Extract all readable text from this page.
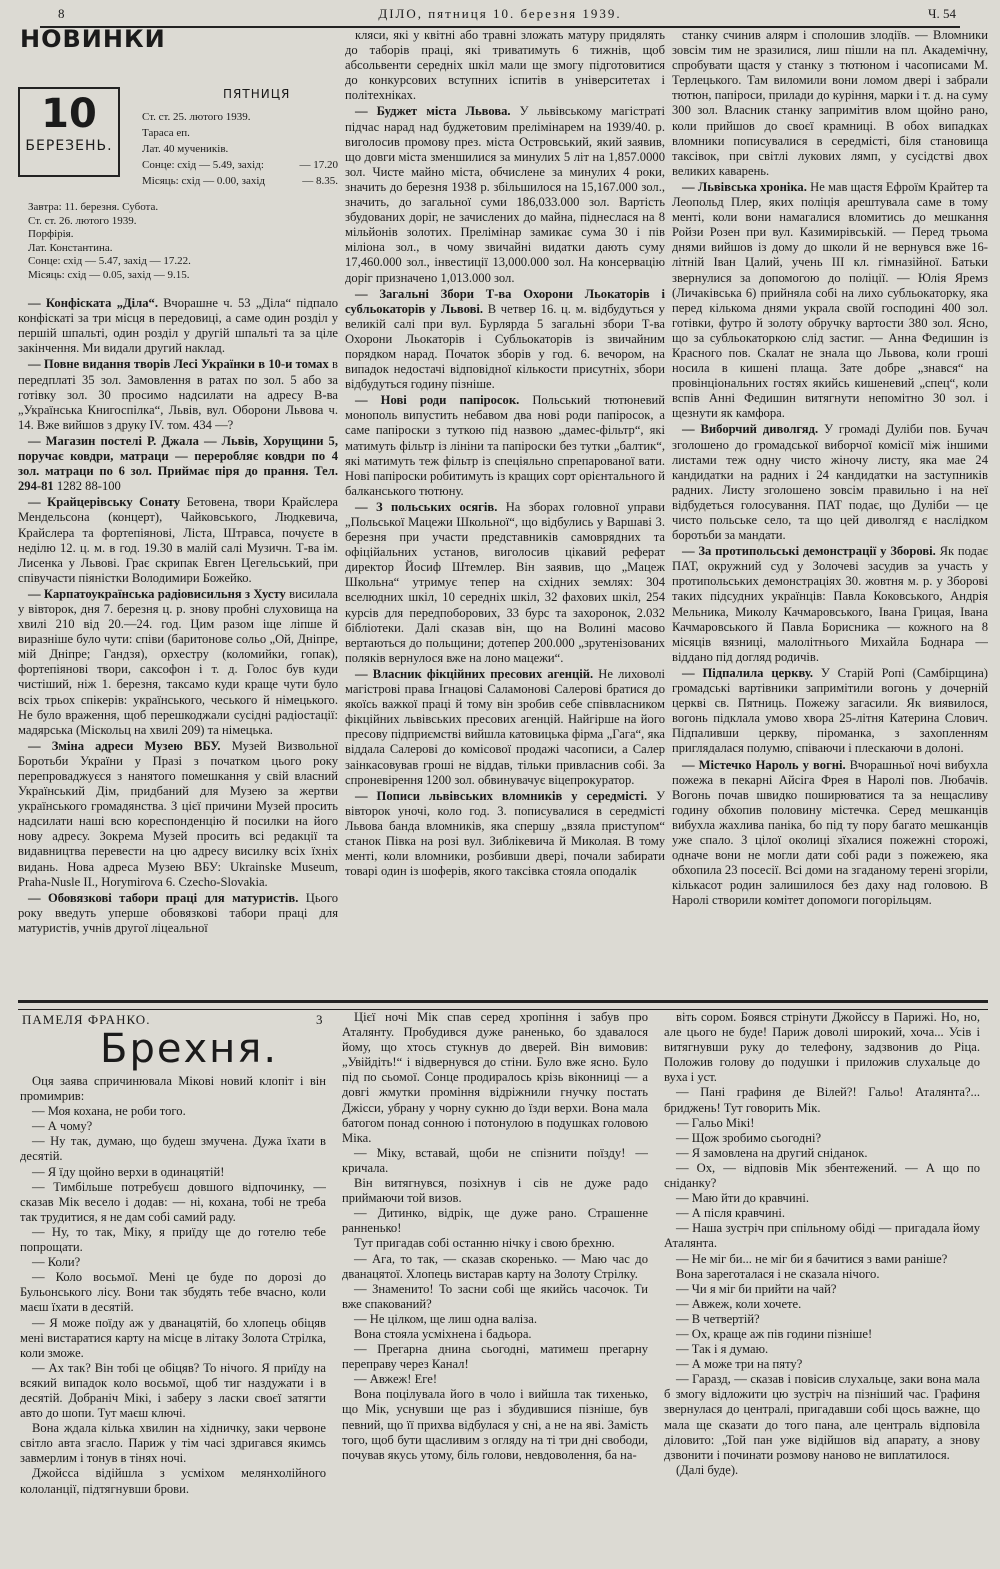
8	ДІЛО, пятниця 10. березня 1939.	Ч. 54
НОВИНКИ
ПЯТНИЦЯ
10
БЕРЕЗЕНЬ.
Ст. ст. 25. лютого 1939.
Тараса еп.
Лат. 40 мучеників.
Сонце: схід — 5.49, захід:	— 17.20
Місяць: схід — 0.00, захід	— 8.35.
Завтра: 11. березня. Субота.
Ст. ст. 26. лютого 1939.
Порфірія.
Лат. Константина.
Сонце: схід — 5.47, захід — 17.22.
Місяць: схід — 0.05, захід — 9.15.

— Конфіската „Діла“. Вчорашне ч. 53 „Діла“ підпало конфіскаті за три місця в передовиці, а саме один розділ у першій шпальті, один розділ у другій шпальті та за ціле закінчення. Ми видали другий наклад.

— Повне видання творів Лесі Українки в 10-и томах в передплаті 35 зол. Замовлення в ратах по зол. 5 або за готівку зол. 30 просимо надсилати на адресу В-ва „Українська Книгоспілка“, Львів, вул. Оборони Львова ч. 14. Вже вийшов з друку IV. том. 434 —?

— Магазин постелі Р. Джала — Львів, Хорущини 5, поручає ковдри, матраци — переробляє ковдри по 4 зол. матраци по 6 зол. Приймає піря до прання. Тел. 294-81 1282 88-100

— Крайцерівську Сонату Бетовена, твори Крайслера Мендельсона (концерт), Чайковського, Людкевича, Крайслера та фортепіянові, Ліста, Штравса, почуєте в неділю 12. ц. м. в год. 19.30 в малій салі Музичн. Т-ва ім. Лисенка у Львові. Грає скрипак Евген Цегельський, при співучасти піяністки Володимири Божейко.

— Карпатоукраїнська радіовисильня з Хусту висилала у вівторок, дня 7. березня ц. р. знову пробні слуховища на хвилі 210 від 20.—24. год. Цим разом іще ліпше й виразніше було чути: співи (баритонове сольо „Ой, Дніпре, мій Дніпре; Гандзя), орхестру (коломийки, гопак), фортепіянові твори, саксофон і т. д. Голос був куди чистіший, ніж 1. березня, таксамо куди краще чути було всіх трьох спікерів: українського, чеського й німецького. Не було враження, щоб перешкоджали сусідні радіостації: мадярська (Міскольц на хвилі 209) та німецька.

— Зміна адреси Музею ВБУ. Музей Визвольної Боротьби України у Празі з початком цього року перепроваджуєся з нанятого помешкання у свій власний Український Дім, придбаний для Музею за жертви українського громадянства. З цієї причини Музей просить надсилати наші всю кореспонденцію й посилки на його нову адресу. Зокрема Музей просить всі редакції та видавництва перевести на цю адресу висилку всіх їхніх видань. Нова адреса Музею ВБУ: Ukrainske Museum, Praha-Nusle II., Horymirova 6. Czecho-Slovakia.

— Обовязкові табори праці для матуристів. Цього року введуть уперше обовязкові табори праці для матуристів, учнів другої ліцеальної

кляси, які у квітні або травні зложать матуру придялять до таборів праці, які триватимуть 6 тижнів, щоб абсольвенти середніх шкіл мали ще змогу підготовитися до конкурсових вступних іспитів в університетах і політехніках.

— Буджет міста Львова. У львівському магістраті підчас нарад над буджетовим прелімінарем на 1939/40. р. виголосив промову през. міста Островський, який заявив, що довги міста зменшилися за минулих 5 літ на 1,857.0000 зол. Чисте майно міста, обчислене за минулих 4 роки, значить до березня 1938 р. збільшилося на 15,167.000 зол., значить, до загальної суми 186,033.000 зол. Вартість збудованих доріг, не зачислених до майна, піднеслася на 8 мільйонів золотих. Прелімінар замикає сума 30 і пів міліона зол., в чому звичайні видатки дають суму 17,460.000 зол., інвестиції 13,000.000 зол. На консервацію доріг призначено 1,013.000 зол.

— Загальні Збори Т-ва Охорони Льокаторів і субльокаторів у Львові. В четвер 16. ц. м. відбудуться у великій салі при вул. Бурлярда 5 загальні збори Т-ва Охорони Льокаторів і Субльокаторів із звичайним порядком нарад. Початок зборів у год. 6. вечором, на випадок недостачі відповідної кількости присутніх, збори відбудуться годину пізніше.

— Нові роди папіросок. Польський тютюневий монополь випустить небавом два нові роди папіросок, а саме папіроски з туткою під назвою „дамес-фільтр“, які матимуть фільтр із лініни та папіроски без тутки „балтик“, які матимуть теж фільтр із спеціяльно спрепарованої вати. Нові папіроски робитимуть із кращих сорт орієнтального й балканського тютюну.

— З польських осягів. На зборах головної управи „Польської Мацежи Школьної“, що відбулись у Варшаві 3. березня при участи представників самоврядних та офіційальних установ, виголосив цікавий реферат директор Йосиф Штемлер. Він заявив, що „Мацеж Школьна“ утримує тепер на східних землях: 304 вселюдних шкіл, 10 середніх шкіл, 32 фахових шкіл, 254 курсів для передпоборових, 33 бурс та захоронок, 2.032 бібліотеки. Далі сказав він, що на Волині масово вертаються до польщини; дотепер 200.000 „зрутенізованих поляків вернулося вже на лоно мацежи“.

— Власник фікційних пресових агенцій. Не лиховолі магістрові права Ігнацові Саламонові Салерові братися до якоїсь важкої праці й тому він зробив себе співвласником фікційних львівських пресових агенцій. Найгірше на його пресову підприємстві вийшла катовицька фірма „Гага“, яка віддала Салерові до комісової продажі часописи, а Салер заінкасовував гроші не віддав, тільки привласнив собі. За спроневірення 1200 зол. обвинувачує віцепрокуратор.

— Пописи львівських вломників у середмісті. У вівторок уночі, коло год. 3. пописувалися в середмісті Львова банда вломників, яка спершу „взяла приступом“ станок Півка на розі вул. Зиблікевича й Миколая. В тому менті, коли вломники, розбивши двері, почали забирати товарі один із шоферів, якого таксівка стояла оподалік

станку счинив алярм і сполошив злодіїв. — Вломники зовсім тим не зразилися, лиш пішли на пл. Академічну, спробувати щастя у станку з тютюном і часописами М. Терлецького. Там виломили вони ломом двері і забрали тютюн, папіроси, прилади до куріння, марки і т. д. на суму 300 зол. Власник станку запримітив влом щойно рано, коли прийшов до своєї крамниці. В обох випадках вломники пописувалися в середмісті, біля становища таксівок, при світлі лукових лямп, у сусідстві двох великих каварень.

— Львівська хроніка. Не мав щастя Ефроїм Крайтер та Леопольд Плер, яких поліція арештувала саме в тому менті, коли вони намагалися вломитись до мешкання Ройзи Розен при вул. Казимирівській. — Перед трьома днями вийшов із дому до школи й не вернувся вже 16-літній Іван Цалий, учень ІІІ кл. гімназійної. Батьки звернулися за допомогою до поліції. — Юлія Яремз (Личаківська 6) прийняла собі на лихо субльокаторку, яка перед кількома днями украла своїй господині 400 зол. готівки, футро й золоту обручку вартости 380 зол. Ясно, що за субльокаторкою слід застиг. — Анна Федишин із Красного пов. Скалат не знала що Львова, коли гроші носила в кишені плаща. Зате добре „знався“ на провінціональних гостях якийсь кишеневий „спец“, коли вспів Анні Федишин витягнути непомітно 30 зол. і щезнути як камфора.

— Виборчий диволгяд. У громаді Дуліби пов. Бучач зголошено до громадської виборчої комісії між іншими листами теж одну чисто жіночу листу, яка мае 24 кандидатки на радних і 24 кандидатки на заступників радних. Листу зголошено зовсім правильно і на неї відбудеться голосування. ПАТ подає, що Дуліби — це чисто польське село, та що цей диволгяд є наслідком боротьби за мандати.

— За протипольські демонстрації у Зборові. Як подає ПАТ, окружний суд у Золочеві засудив за участь у протипольських демонстраціях 30. жовтня м. р. у Зборові таких підсудних українців: Павла Коковського, Андрія Мельника, Миколу Качмаровського, Івана Грицая, Івана Качмаровського й Павла Борисника — кожного на 8 місяців вязниці, малолітнього Михайла Боднара — віддано під догляд родичів.

— Підпалила церкву. У Старій Ропі (Самбірщина) громадські вартівники запримітили вогонь у дочерній церкві св. Пятниць. Пожежу загасили. Як виявилося, вогонь підклала умово хвора 25-літня Катерина Слович. Підпаливши церкву, піроманка, з захопленням приглядалася полумю, співаючи і плескаючи в долоні.

— Містечко Нароль у вогні. Вчорашньої ночі вибухла пожежа в пекарні Айсіга Фрея в Наролі пов. Любачів. Вогонь почав швидко поширюватися та за нещасливу годину обхопив половину містечка. Серед мешканців вибухла жахлива паніка, бо під ту пору багато мешканців уже спало. З цілої околиці зїхалися пожежні сторожі, одначе вони не могли дати собі ради з пожежею, яка обхопила 23 посесії. Всі доми на згаданому терені згоріли, кількасот родин залишилося без даху над головою. В Наролі створили комітет допомоги погорільцям.

ПАМЕЛЯ ФРАНКО.	3
Брехня.

Оця заява спричинювала Мікові новий клопіт і він промимрив:

— Моя кохана, не роби того.

— А чому?

— Ну так, думаю, що будеш змучена. Дужа їхати в десятій.

— Я їду щойно верхи в одинацятій!

— Тимбільше потребуєш довшого відпочинку, — сказав Мік весело і додав: — ні, кохана, тобі не треба так трудитися, я не дам собі самий раду.

— Ну, то так, Міку, я приїду ще до готелю тебе попрощати.

— Коли?

— Коло восьмої. Мені це буде по дорозі до Бульонського лісу. Вони так збудять тебе вчасно, коли маєш їхати в десятій.

— Я може поїду аж у дванацятій, бо хлопець обіцяв мені вистаратися карту на місце в літаку Золота Стрілка, коли зможе.

— Ах так? Він тобі це обіцяв? То нічого. Я приїду на всякий випадок коло восьмої, щоб тиг наздужати і в десятій. Добраніч Мікі, і заберу з ласки своєї затягти авто до шопи. Тут маєш ключі.

Вона ждала кілька хвилин на хідничку, заки червоне світло авта згасло. Париж у тім часі здригався якимсь завмерлим і тонув в тінях ночі.

Джойсса відійшла з усміхом мелянхолійного кололанції, підтягнувши брови.

Цієї ночі Мік спав серед хропіння і забув про Аталянту. Пробудився дуже раненько, бо здавалося йому, що хтось стукнув до дверей. Він вимовив: „Увійдіть!“ і відвернувся до стіни. Було вже ясно. Було під по сьомої. Сонце продиралось крізь віконниці — а довгі жмутки проміння відріжнили гнучку постать Джісси, убрану у чорну сукню до їзди верхи. Вона мала батогом понад сонною і потонулою в подушках головою Міка.

— Міку, вставай, щоби не спізнити поїзду! — кричала.

Він витягнувся, позіхнув і сів не дуже радо приймаючи той визов.

— Дитинко, відрік, ще дуже рано. Страшенне ранненько!

Тут пригадав собі останню нічку і свою брехню.

— Ага, то так, — сказав скоренько. — Маю час до дванацятої. Хлопець вистарав карту на Золоту Стрілку.

— Знаменито! То засни собі ще якийсь часочок. Ти вже спакований?

— Не цілком, ще лиш одна валіза.

Вона стояла усміхнена і бадьора.

— Прегарна днина сьогодні, матимеш прегарну переправу через Канал!

— Авжеж! Еге!

Вона поцілувала його в чоло і вийшла так тихенько, що Мік, уснувши ще раз і збудившися пізніше, був певний, що її прихва відбулася у сні, а не на яві. Замість того, щоб бути щасливим з огляду на ті три дні свободи, почував якусь утому, біль голови, невдоволення, ба на-

віть сором. Боявся стрінути Джойссу в Парижі. Но, но, але цього не буде! Париж доволі широкий, хоча... Усів і витягнувши руку до телефону, задзвонив до Ріца. Положив голову до подушки і приложив слухальце до вуха і уст.

— Пані графиня де Вілей?! Гальо! Аталянта?... бриджень! Тут говорить Мік.

— Гальо Мікі!

— Щож зробимо сьогодні?

— Я замовлена на другий сніданок.

— Ох, — відповів Мік збентежений. — А що по сніданку?

— Маю йти до кравчині.

— А після кравчині.

— Наша зустріч при спільному обіді — пригадала йому Аталянта.

— Не міг би... не міг би я бачитися з вами раніше?

Вона зареготалася і не сказала нічого.

— Чи я міг би прийти на чай?

— Авжеж, коли хочете.

— В четвертій?

— Ох, краще аж пів години пізніше!

— Так і я думаю.

— А може три на пяту?

— Гаразд, — сказав і повісив слухальце, заки вона мала б змогу відложити цю зустріч на пізніший час. Графиня звернулася до централі, пригадавши собі щось важне, що мала ще сказати до того пана, але централь відповіла діловито: „Той пан уже відійшов від апарату, а знову дзвонити і починати розмову наново не виплатилося.

(Далі буде).
